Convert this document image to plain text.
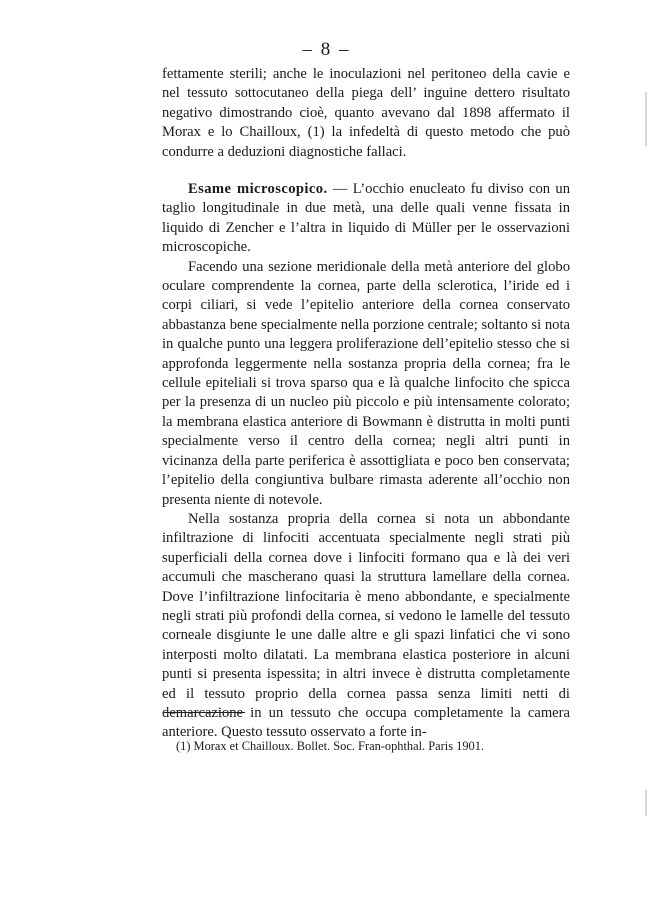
– 8 –

fettamente sterili; anche le inoculazioni nel peritoneo della cavie e nel tessuto sottocutaneo della piega dell’ inguine dettero risultato negativo dimostrando cioè, quanto avevano dal 1898 affermato il Morax e lo Chailloux, (1) la infedeltà di questo metodo che può condurre a deduzioni diagnostiche fallaci.

Esame microscopico. — L’occhio enucleato fu diviso con un taglio longitudinale in due metà, una delle quali venne fissata in liquido di Zencher e l’altra in liquido di Müller per le osservazioni microscopiche.

Facendo una sezione meridionale della metà anteriore del globo oculare comprendente la cornea, parte della sclerotica, l’iride ed i corpi ciliari, si vede l’epitelio anteriore della cornea conservato abbastanza bene specialmente nella porzione centrale; soltanto si nota in qualche punto una leggera proliferazione dell’epitelio stesso che si approfonda leggermente nella sostanza propria della cornea; fra le cellule epiteliali si trova sparso qua e là qualche linfocito che spicca per la presenza di un nucleo più piccolo e più intensamente colorato; la membrana elastica anteriore di Bowmann è distrutta in molti punti specialmente verso il centro della cornea; negli altri punti in vicinanza della parte periferica è assottigliata e poco ben conservata; l’epitelio della congiuntiva bulbare rimasta aderente all’occhio non presenta niente di notevole.

Nella sostanza propria della cornea si nota un abbondante infiltrazione di linfociti accentuata specialmente negli strati più superficiali della cornea dove i linfociti formano qua e là dei veri accumuli che mascherano quasi la struttura lamellare della cornea. Dove l’infiltrazione linfocitaria è meno abbondante, e specialmente negli strati più profondi della cornea, si vedono le lamelle del tessuto corneale disgiunte le une dalle altre e gli spazi linfatici che vi sono interposti molto dilatati. La membrana elastica posteriore in alcuni punti si presenta ispessita; in altri invece è distrutta completamente ed il tessuto proprio della cornea passa senza limiti netti di demarcazione in un tessuto che occupa completamente la camera anteriore. Questo tessuto osservato a forte in-

(1) Morax et Chailloux. Bollet. Soc. Fran-ophthal. Paris 1901.
